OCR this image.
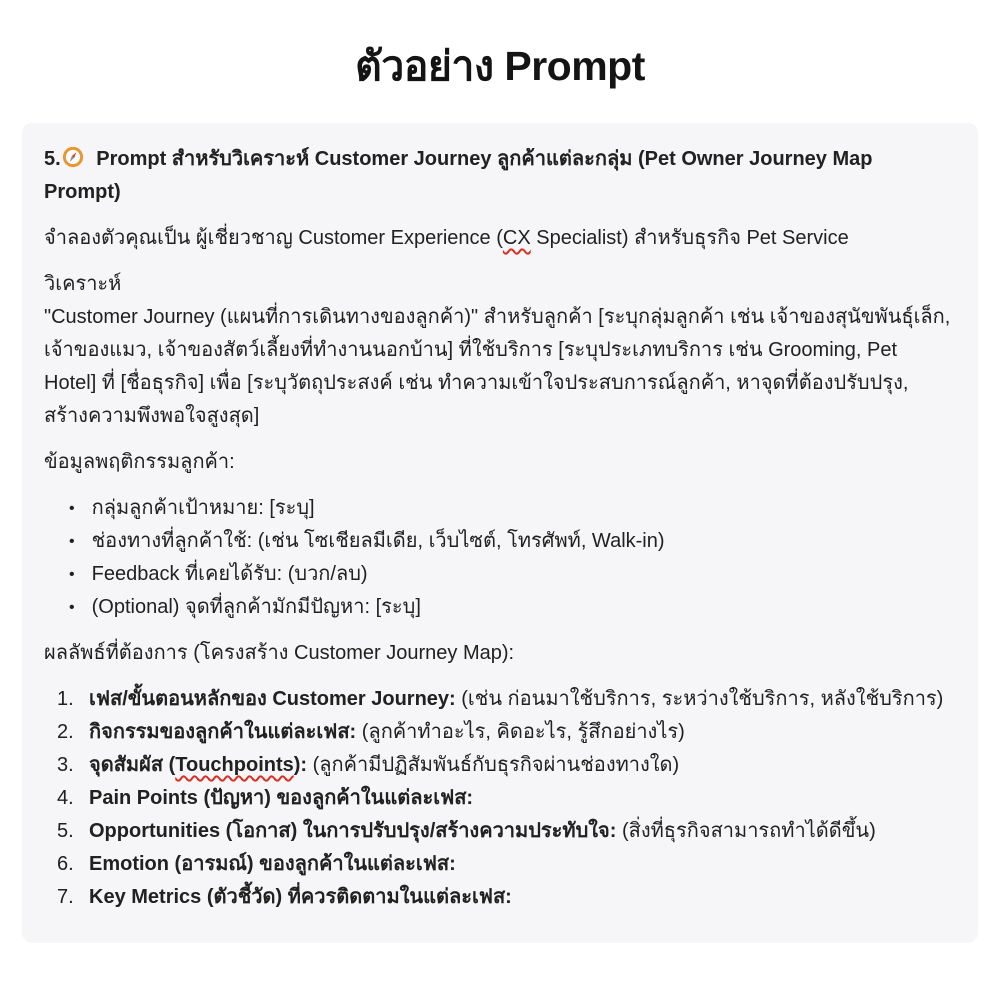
ตัวอย่าง Prompt

5. Prompt สำหรับวิเคราะห์ Customer Journey ลูกค้าแต่ละกลุ่ม (Pet Owner Journey Map Prompt)

จำลองตัวคุณเป็น ผู้เชี่ยวชาญ Customer Experience (CX Specialist) สำหรับธุรกิจ Pet Service

วิเคราะห์
"Customer Journey (แผนที่การเดินทางของลูกค้า)" สำหรับลูกค้า [ระบุกลุ่มลูกค้า เช่น เจ้าของสุนัขพันธุ์เล็ก, เจ้าของแมว, เจ้าของสัตว์เลี้ยงที่ทำงานนอกบ้าน] ที่ใช้บริการ [ระบุประเภทบริการ เช่น Grooming, Pet Hotel] ที่ [ชื่อธุรกิจ] เพื่อ [ระบุวัตถุประสงค์ เช่น ทำความเข้าใจประสบการณ์ลูกค้า, หาจุดที่ต้องปรับปรุง, สร้างความพึงพอใจสูงสุด]

ข้อมูลพฤติกรรมลูกค้า:

• กลุ่มลูกค้าเป้าหมาย: [ระบุ]
• ช่องทางที่ลูกค้าใช้: (เช่น โซเชียลมีเดีย, เว็บไซต์, โทรศัพท์, Walk-in)
• Feedback ที่เคยได้รับ: (บวก/ลบ)
• (Optional) จุดที่ลูกค้ามักมีปัญหา: [ระบุ]

ผลลัพธ์ที่ต้องการ (โครงสร้าง Customer Journey Map):

1. เฟส/ขั้นตอนหลักของ Customer Journey: (เช่น ก่อนมาใช้บริการ, ระหว่างใช้บริการ, หลังใช้บริการ)
2. กิจกรรมของลูกค้าในแต่ละเฟส: (ลูกค้าทำอะไร, คิดอะไร, รู้สึกอย่างไร)
3. จุดสัมผัส (Touchpoints): (ลูกค้ามีปฏิสัมพันธ์กับธุรกิจผ่านช่องทางใด)
4. Pain Points (ปัญหา) ของลูกค้าในแต่ละเฟส:
5. Opportunities (โอกาส) ในการปรับปรุง/สร้างความประทับใจ: (สิ่งที่ธุรกิจสามารถทำได้ดีขึ้น)
6. Emotion (อารมณ์) ของลูกค้าในแต่ละเฟส:
7. Key Metrics (ตัวชี้วัด) ที่ควรติดตามในแต่ละเฟส:
